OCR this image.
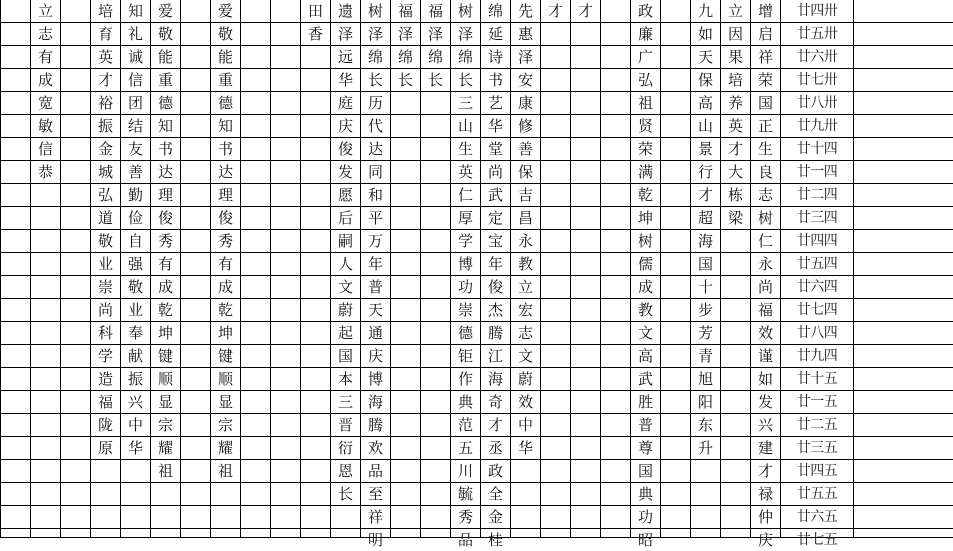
立
志
有
成
宽
敏
信
恭
培
育
英
才
裕
振
金
城
弘
道
敬
业
崇
尚
科
学
造
福
陇
原
知
礼
诚
信
团
结
友
善
勤
俭
自
强
敬
业
奉
献
振
兴
中
华
爱
敬
能
重
德
知
书
达
理
俊
秀
有
成
乾
坤
键
顺
显
宗
耀
祖
爱
敬
能
重
德
知
书
达
理
俊
秀
有
成
乾
坤
键
顺
显
宗
耀
祖
田
香
遗
泽
远
华
庭
庆
俊
发
愿
后
嗣
人
文
蔚
起
国
本
三
晋
衍
恩
长
树
泽
绵
长
历
代
达
同
和
平
万
年
普
天
通
庆
博
海
腾
欢
品
至
祥
明
福
泽
绵
长
福
泽
绵
长
树
泽
绵
长
三
山
生
英
仁
厚
学
博
功
崇
德
钜
作
典
范
五
川
毓
秀
品
绵
延
诗
书
艺
华
堂
尚
武
定
宝
年
俊
杰
腾
江
海
奇
才
丞
政
全
金
桂
先
惠
泽
安
康
修
善
保
吉
昌
永
教
立
宏
志
文
蔚
效
中
华
才 才	政
廉
广
弘
祖
贤
荣
满
乾
坤
树
儒
成
教
文
高
武
胜
普
尊
国
典
功
昭
九
如
天
保
高
山
景
行
才
超
海
国
十
步
芳
青
旭
阳
东
升
立
因
果
培
养
英
才
大
栋
梁
增
启
祥
荣
国
正
生
良
志
树
仁
永
尚
福
效
谨
如
发
兴
建
才
禄
仲
庆
廿四卅
廿五卅
廿六卅
廿七卅
廿八卅
廿九卅
廿十四
廿一四
廿二四
廿三四
廿四四
廿五四
廿六四
廿七四
廿八四
廿九四
廿十五
廿一五
廿二五
廿三五
廿四五
廿五五
廿六五
廿七五
